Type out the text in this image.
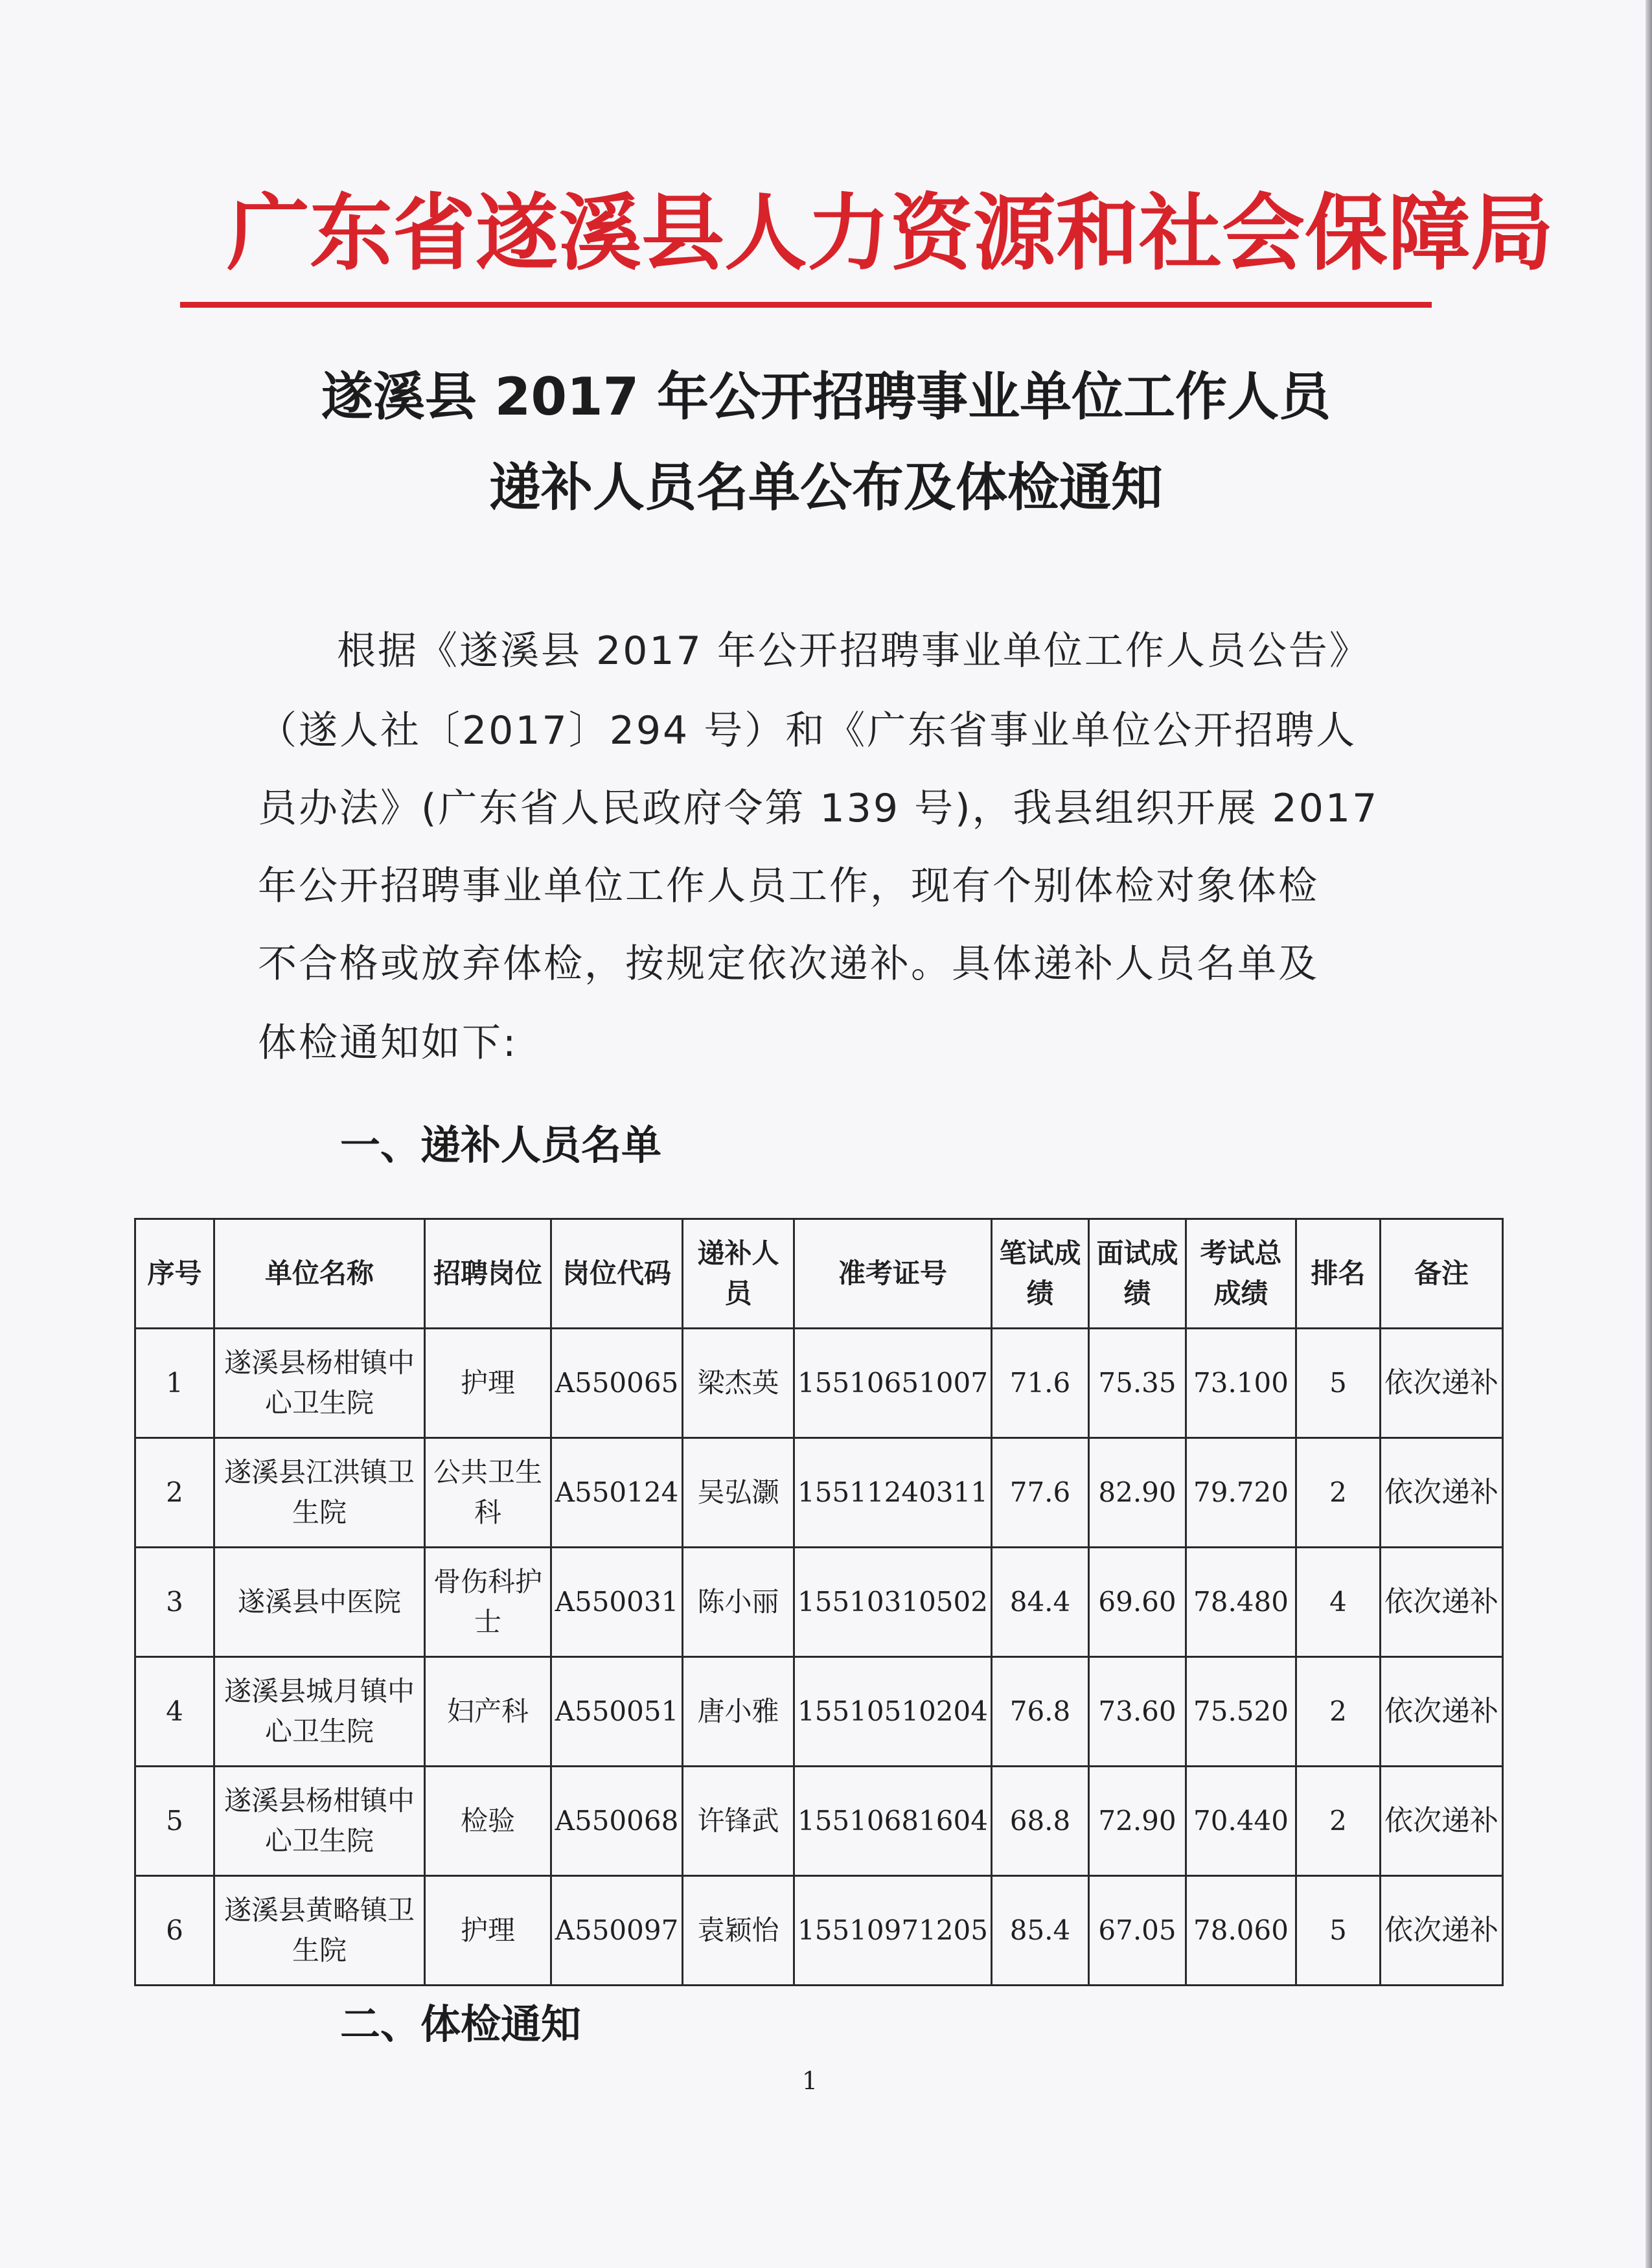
广东省遂溪县人力资源和社会保障局
遂溪县 2017 年公开招聘事业单位工作人员
递补人员名单公布及体检通知
根据《遂溪县 2017 年公开招聘事业单位工作人员公告》
（遂人社〔2017〕294 号）和《广东省事业单位公开招聘人
员办法》(广东省人民政府令第 139 号)，我县组织开展 2017
年公开招聘事业单位工作人员工作，现有个别体检对象体检
不合格或放弃体检，按规定依次递补。具体递补人员名单及
体检通知如下:
一、递补人员名单
序号	单位名称	招聘岗位	岗位代码	递补人员	准考证号	笔试成绩	面试成绩	考试总成绩	排名	备注
1	遂溪县杨柑镇中心卫生院	护理	A550065	梁杰英	15510651007	71.6	75.35	73.100	5	依次递补
2	遂溪县江洪镇卫生院	公共卫生科	A550124	吴弘灏	15511240311	77.6	82.90	79.720	2	依次递补
3	遂溪县中医院	骨伤科护士	A550031	陈小丽	15510310502	84.4	69.60	78.480	4	依次递补
4	遂溪县城月镇中心卫生院	妇产科	A550051	唐小雅	15510510204	76.8	73.60	75.520	2	依次递补
5	遂溪县杨柑镇中心卫生院	检验	A550068	许锋武	15510681604	68.8	72.90	70.440	2	依次递补
6	遂溪县黄略镇卫生院	护理	A550097	袁颖怡	15510971205	85.4	67.05	78.060	5	依次递补
二、体检通知
1
